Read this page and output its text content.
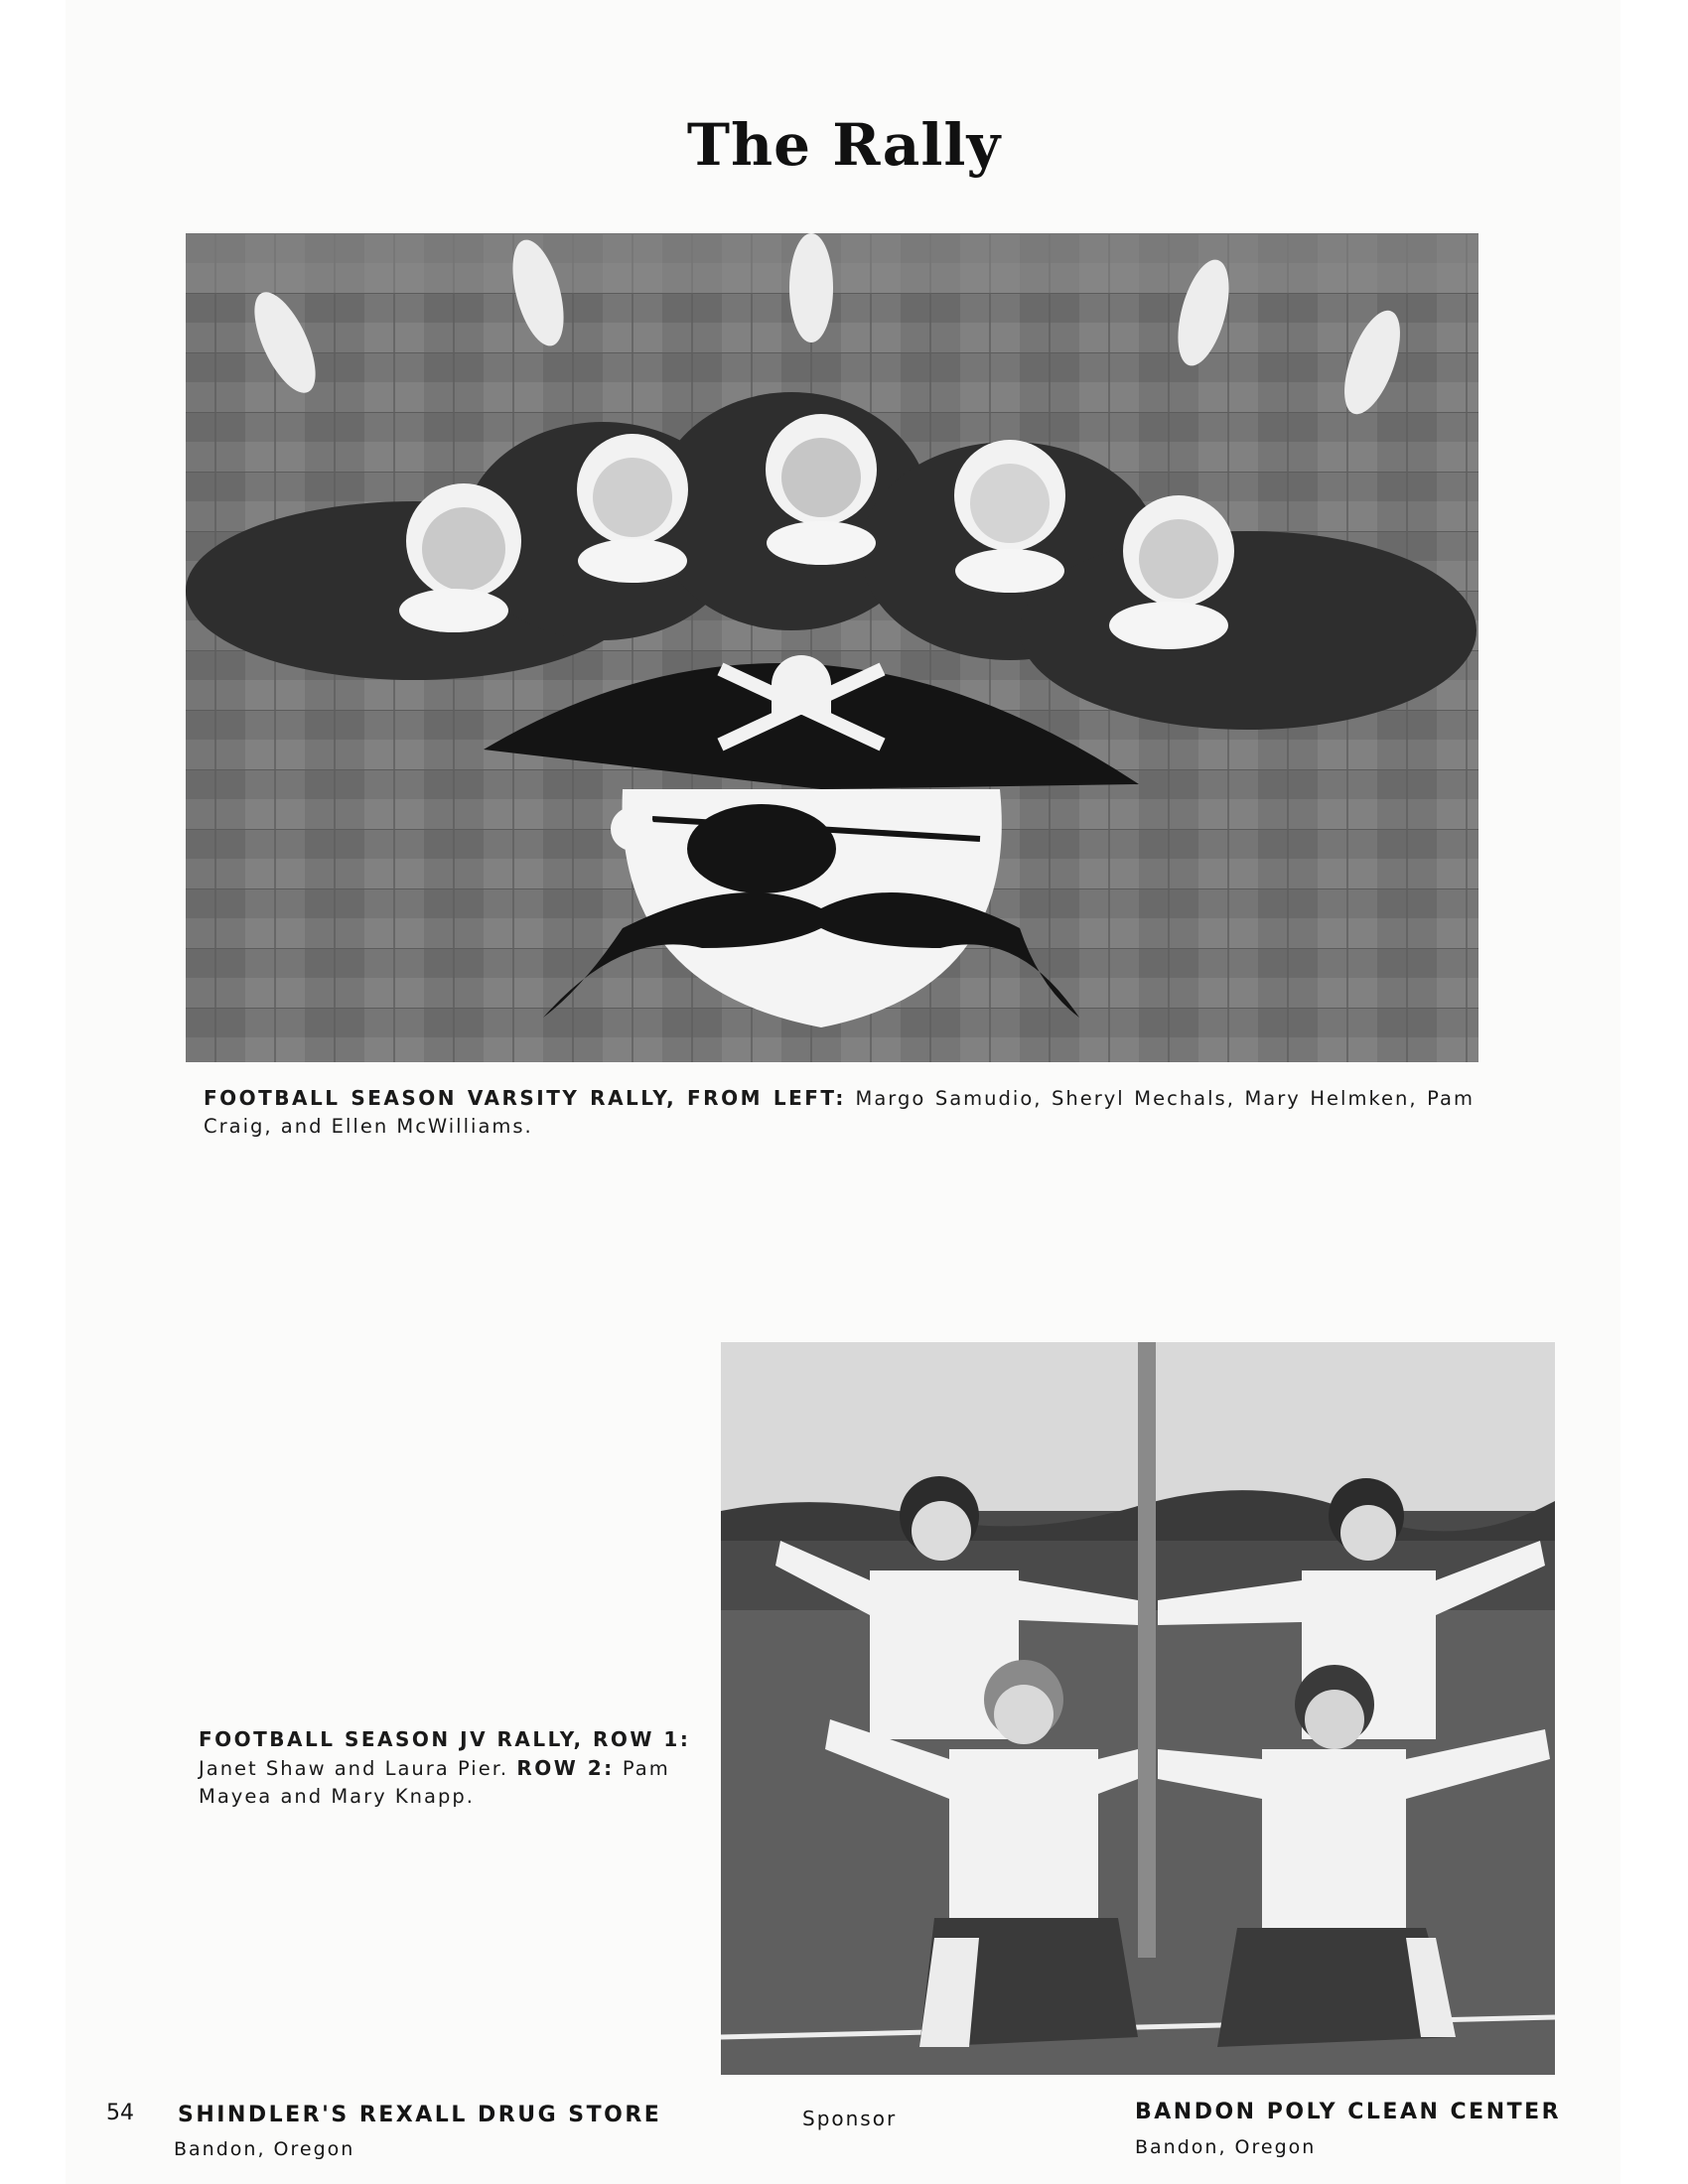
The Rally
FOOTBALL SEASON VARSITY RALLY, FROM LEFT: Margo Samudio, Sheryl Mechals, Mary Helmken, Pam Craig, and Ellen McWilliams.
FOOTBALL SEASON JV RALLY, ROW 1: Janet Shaw and Laura Pier. ROW 2: Pam Mayea and Mary Knapp.
54 SHINDLER'S REXALL DRUG STORE
Bandon, Oregon
Sponsor	BANDON POLY CLEAN CENTER
Bandon, Oregon
